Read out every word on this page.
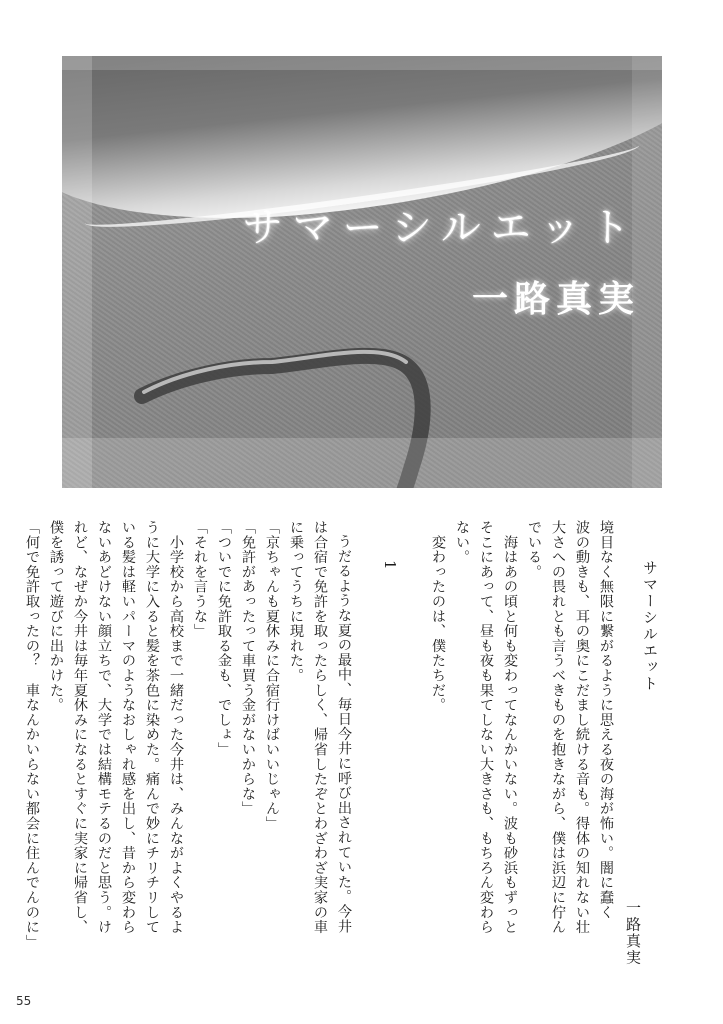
サマーシルエット
一路真実
サマーシルエット
一路真実
境目なく無限に繋がるように思える夜の海が怖い。闇に蠢く
波の動きも、耳の奥にこだまし続ける音も。得体の知れない壮
大さへの畏れとも言うべきものを抱きながら、僕は浜辺に佇ん
でいる。
　海はあの頃と何も変わってなんかいない。波も砂浜もずっと
そこにあって、昼も夜も果てしない大きさも、もちろん変わら
ない。
　変わったのは、僕たちだ。
1
うだるような夏の最中、毎日今井に呼び出されていた。今井
は合宿で免許を取ったらしく、帰省したぞとわざわざ実家の車
に乗ってうちに現れた。
「京ちゃんも夏休みに合宿行けばいいじゃん」
「免許があったって車買う金がないからな」
「ついでに免許取る金も、でしょ」
「それを言うな」
　小学校から高校まで一緒だった今井は、みんながよくやるよ
うに大学に入ると髪を茶色に染めた。痛んで妙にチリチリして
いる髪は軽いパーマのようなおしゃれ感を出し、昔から変わら
ないあどけない顔立ちで、大学では結構モテるのだと思う。け
れど、なぜか今井は毎年夏休みになるとすぐに実家に帰省し、
僕を誘って遊びに出かけた。
「何で免許取ったの？　車なんかいらない都会に住んでんのに」
55
